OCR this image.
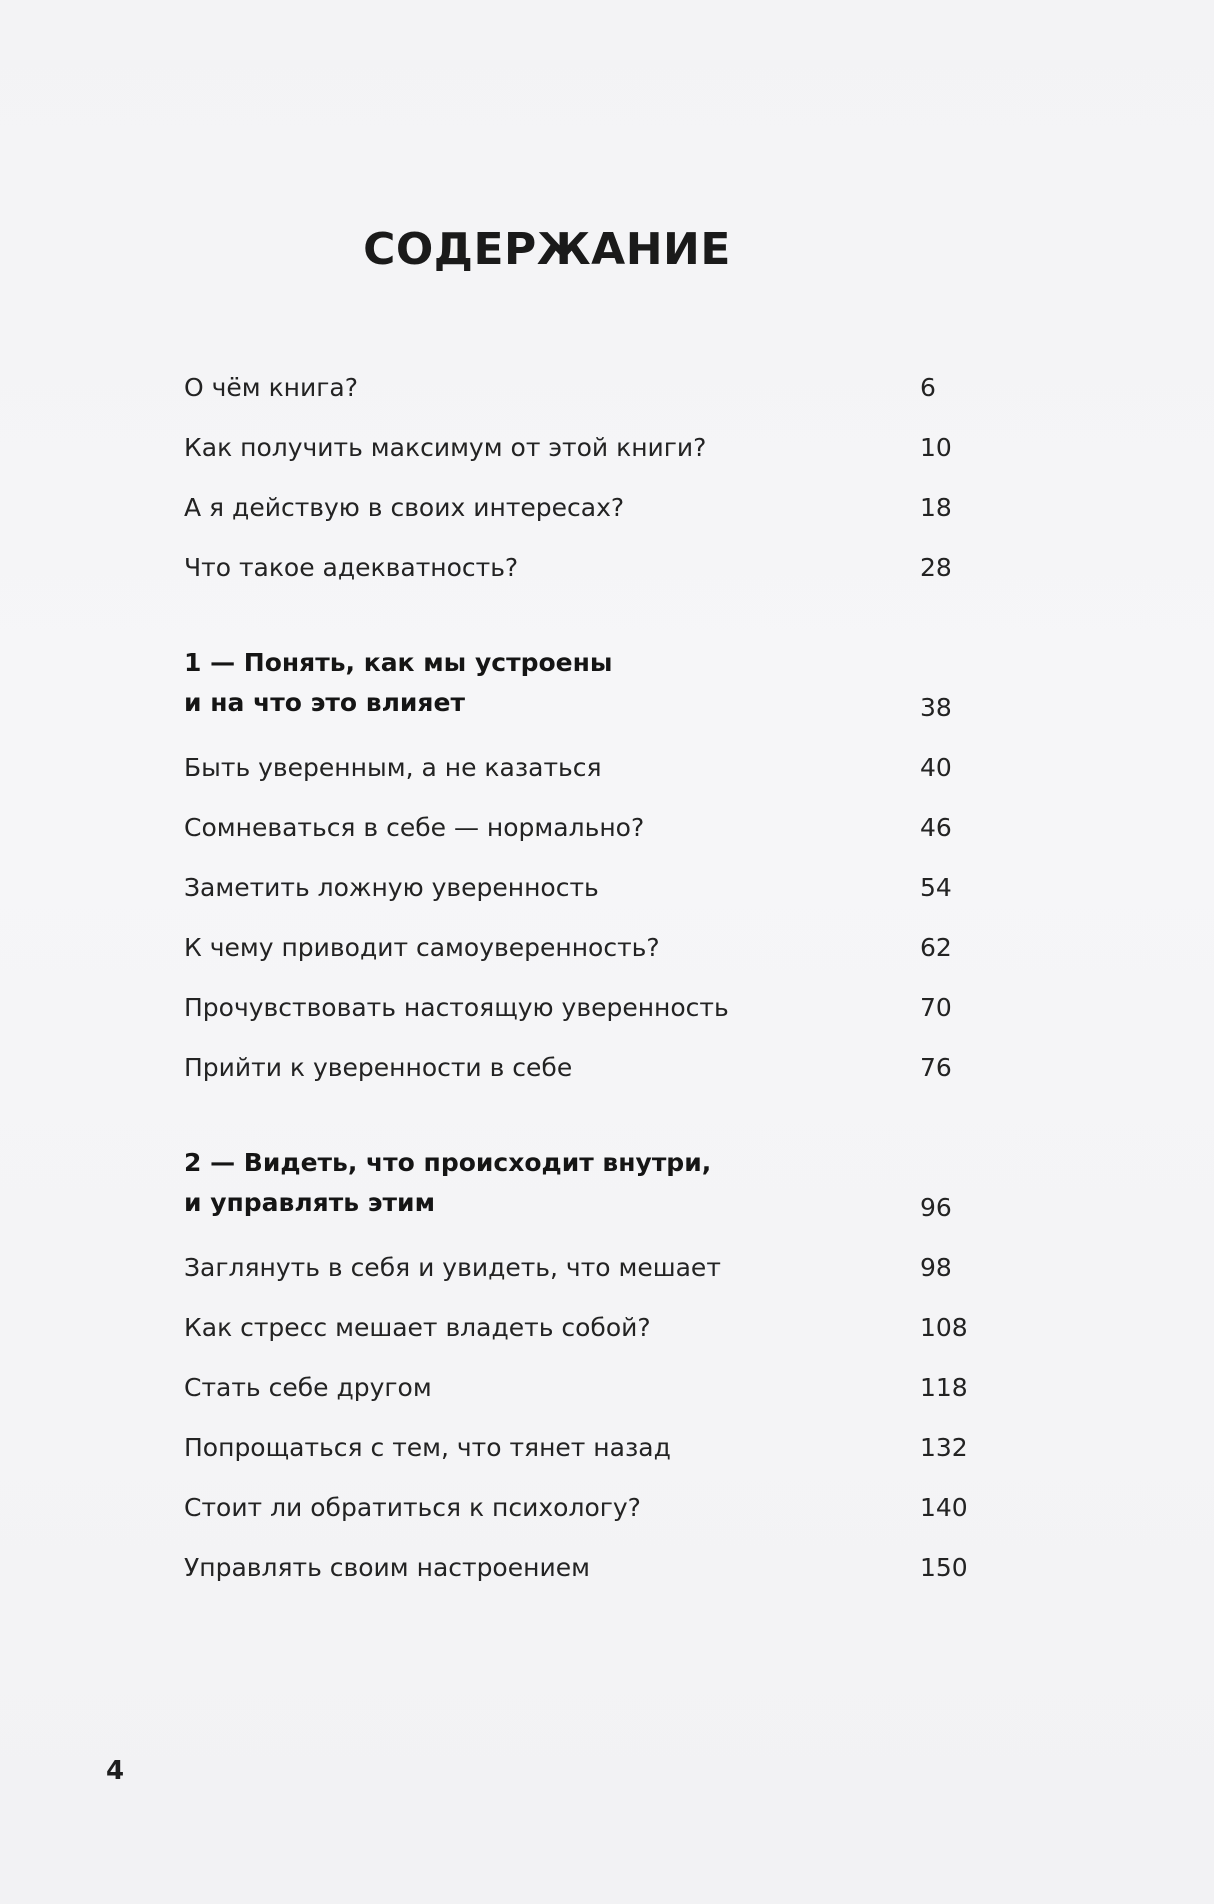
СОДЕРЖАНИЕ
О чём книга?	6
Как получить максимум от этой книги?	10
А я действую в своих интересах?	18
Что такое адекватность?	28
1 — Понять, как мы устроены
и на что это влияет	38
Быть уверенным, а не казаться	40
Сомневаться в себе — нормально?	46
Заметить ложную уверенность	54
К чему приводит самоуверенность?	62
Прочувствовать настоящую уверенность	70
Прийти к уверенности в себе	76
2 — Видеть, что происходит внутри,
и управлять этим	96
Заглянуть в себя и увидеть, что мешает	98
Как стресс мешает владеть собой?	108
Стать себе другом	118
Попрощаться с тем, что тянет назад	132
Стоит ли обратиться к психологу?	140
Управлять своим настроением	150
4
